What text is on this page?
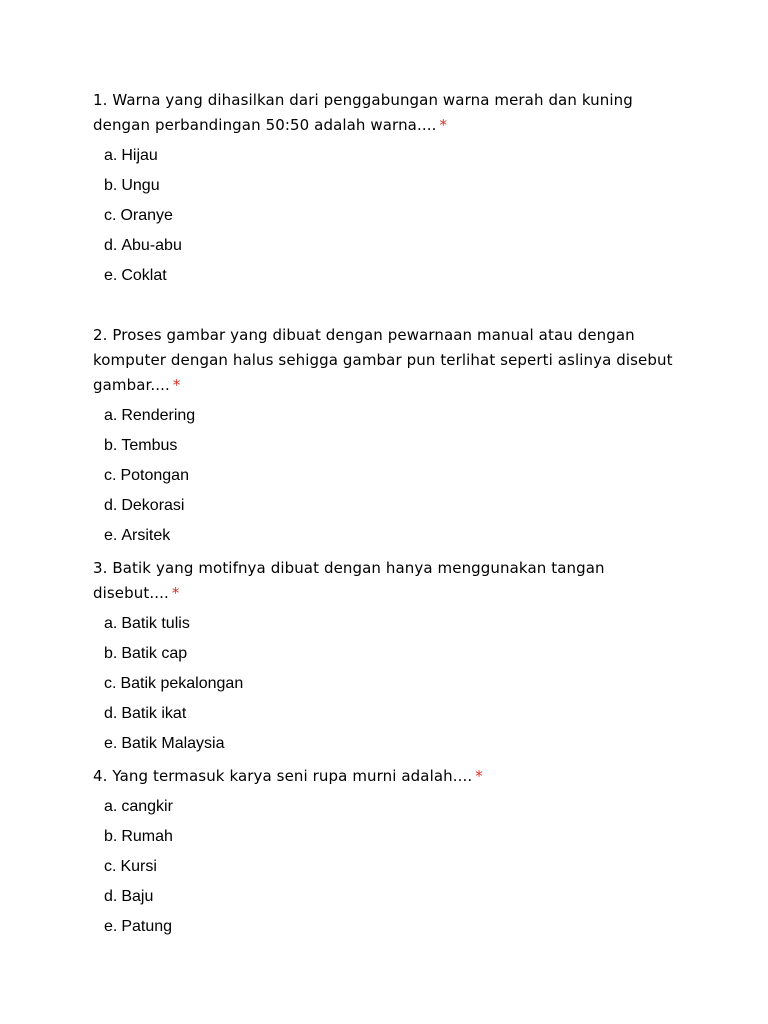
1. Warna yang dihasilkan dari penggabungan warna merah dan kuning dengan perbandingan 50:50 adalah warna.... *
a. Hijau
b. Ungu
c. Oranye
d. Abu-abu
e. Coklat
2. Proses gambar yang dibuat dengan pewarnaan manual atau dengan komputer dengan halus sehigga gambar pun terlihat seperti aslinya disebut gambar.... *
a. Rendering
b. Tembus
c. Potongan
d. Dekorasi
e. Arsitek
3. Batik yang motifnya dibuat dengan hanya menggunakan tangan disebut.... *
a. Batik tulis
b. Batik cap
c. Batik pekalongan
d. Batik ikat
e. Batik Malaysia
4. Yang termasuk karya seni rupa murni adalah.... *
a. cangkir
b. Rumah
c. Kursi
d. Baju
e. Patung
